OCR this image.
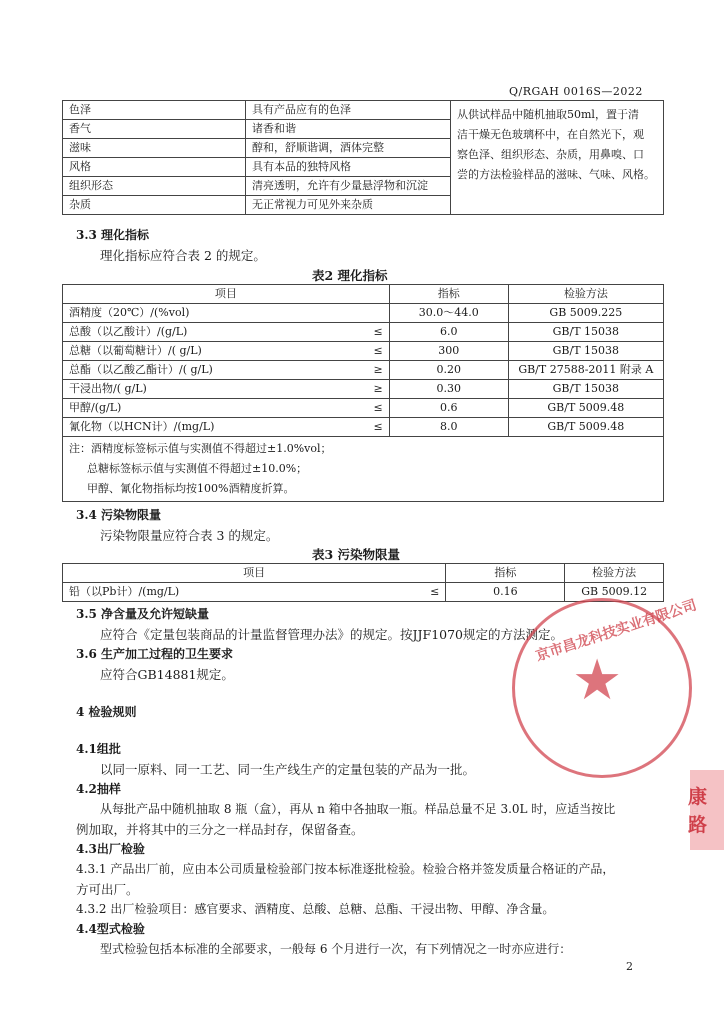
Q/RGAH 0016S—2022
色泽	具有产品应有的色泽	从供试样品中随机抽取50ml，置于清
洁干燥无色玻璃杯中，在自然光下，观
察色泽、组织形态、杂质，用鼻嗅、口
尝的方法检验样品的滋味、气味、风格。

香气	诸香和谐	
滋味	醇和，舒顺谐调，酒体完整	
风格	具有本品的独特风格	
组织形态	清亮透明，允许有少量悬浮物和沉淀	
杂质	无正常视力可见外来杂质	
3.3 理化指标
理化指标应符合表 2 的规定。
表2 理化指标
项目		指标	检验方法
酒精度（20℃）/(%vol)		30.0～44.0	GB 5009.225
总酸（以乙酸计）/(g/L)	≤	6.0	GB/T 15038
总糖（以葡萄糖计）/( g/L)	≤	300	GB/T 15038
总酯（以乙酸乙酯计）/( g/L)	≥	0.20	GB/T 27588-2011 附录 A
干浸出物/( g/L)	≥	0.30	GB/T 15038
甲醇/(g/L)	≤	0.6	GB/T 5009.48
氰化物（以HCN计）/(mg/L)	≤	8.0	GB/T 5009.48

注：酒精度标签标示值与实测值不得超过±1.0%vol；
总糖标签标示值与实测值不得超过±10.0%；
甲醇、氰化物指标均按100%酒精度折算。			
3.4 污染物限量
污染物限量应符合表 3 的规定。
表3 污染物限量
项目		指标	检验方法
铅（以Pb计）/(mg/L)	≤	0.16	GB 5009.12
3.5 净含量及允许短缺量
应符合《定量包装商品的计量监督管理办法》的规定。按JJF1070规定的方法测定。
3.6 生产加工过程的卫生要求
应符合GB14881规定。
4 检验规则
4.1组批
以同一原料、同一工艺、同一生产线生产的定量包装的产品为一批。
4.2抽样
从每批产品中随机抽取 8 瓶（盒），再从 n 箱中各抽取一瓶。样品总量不足 3.0L 时，应适当按比
例加取，并将其中的三分之一样品封存，保留备查。
4.3出厂检验
4.3.1 产品出厂前，应由本公司质量检验部门按本标准逐批检验。检验合格并签发质量合格证的产品，
方可出厂。
4.3.2 出厂检验项目：感官要求、酒精度、总酸、总糖、总酯、干浸出物、甲醇、净含量。
4.4型式检验
型式检验包括本标准的全部要求，一般每 6 个月进行一次，有下列情况之一时亦应进行：
2
★
京市昌龙科技实业有限公司
康
路
